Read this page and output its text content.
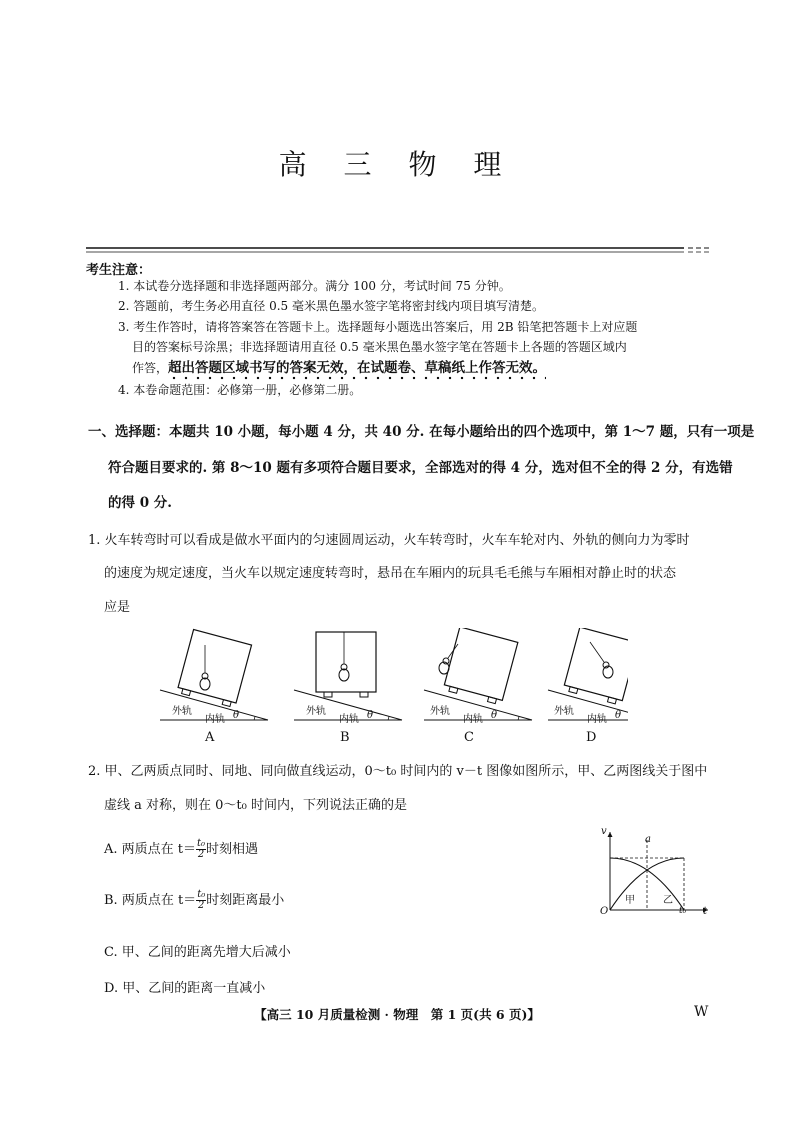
高 三 物 理
考生注意：
1. 本试卷分选择题和非选择题两部分。满分 100 分，考试时间 75 分钟。
2. 答题前，考生务必用直径 0.5 毫米黑色墨水签字笔将密封线内项目填写清楚。
3. 考生作答时，请将答案答在答题卡上。选择题每小题选出答案后，用 2B 铅笔把答题卡上对应题
目的答案标号涂黑；非选择题请用直径 0.5 毫米黑色墨水签字笔在答题卡上各题的答题区域内
作答，超出答题区域书写的答案无效，在试题卷、草稿纸上作答无效。
4. 本卷命题范围：必修第一册，必修第二册。
一、选择题：本题共 10 小题，每小题 4 分，共 40 分. 在每小题给出的四个选项中，第 1～7 题，只有一项是
符合题目要求的. 第 8～10 题有多项符合题目要求，全部选对的得 4 分，选对但不全的得 2 分，有选错
的得 0 分.
1. 火车转弯时可以看成是做水平面内的匀速圆周运动，火车转弯时，火车车轮对内、外轨的侧向力为零时
的速度为规定速度，当火车以规定速度转弯时，悬吊在车厢内的玩具毛毛熊与车厢相对静止时的状态
应是
外轨
内轨 θ	外轨
内轨 θ	外轨
内轨 θ	外轨
内轨 θ
A	B	C	D
2. 甲、乙两质点同时、同地、同向做直线运动，0～t₀ 时间内的 v－t 图像如图所示，甲、乙两图线关于图中
虚线 a 对称，则在 0～t₀ 时间内，下列说法正确的是
A. 两质点在 $t= \frac{\text{t₀}}{2}$ 时刻相遇
B. 两质点在 $t= \frac{\text{t₀}}{2}$ 时刻距离最小
C. 甲、乙间的距离先增大后减小
D. 甲、乙间的距离一直减小
v
t
O
a
甲	乙
t₀
【高三 10 月质量检测 · 物理　第 1 页(共 6 页)】	W
